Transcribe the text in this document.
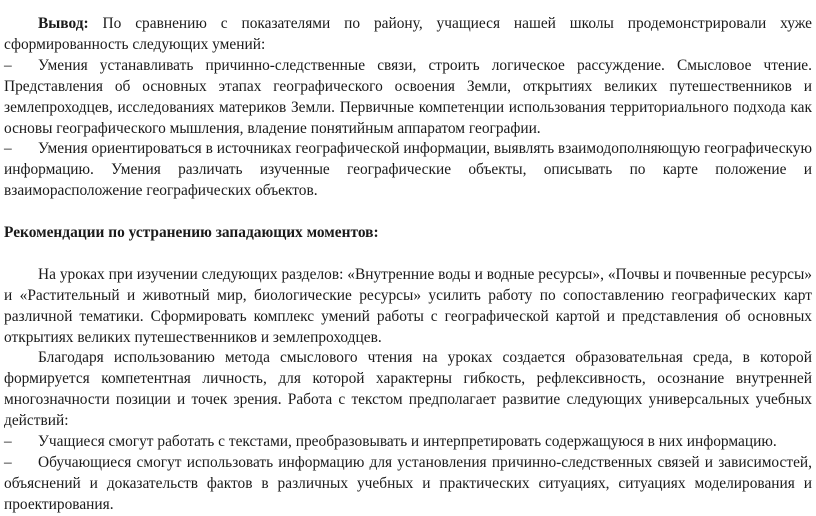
Вывод: По сравнению с показателями по району, учащиеся нашей школы продемонстрировали хуже сформированность следующих умений:

– Умения устанавливать причинно-следственные связи, строить логическое рассуждение. Смысловое чтение. Представления об основных этапах географического освоения Земли, открытиях великих путешественников и землепроходцев, исследованиях материков Земли. Первичные компетенции использования территориального подхода как основы географического мышления, владение понятийным аппаратом географии.

– Умения ориентироваться в источниках географической информации, выявлять взаимодополняющую географическую информацию. Умения различать изученные географические объекты, описывать по карте положение и взаиморасположение географических объектов.

Рекомендации по устранению западающих моментов:

На уроках при изучении следующих разделов: «Внутренние воды и водные ресурсы», «Почвы и почвенные ресурсы» и «Растительный и животный мир, биологические ресурсы» усилить работу по сопоставлению географических карт различной тематики. Сформировать комплекс умений работы с географической картой и представления об основных открытиях великих путешественников и землепроходцев.

Благодаря использованию метода смыслового чтения на уроках создается образовательная среда, в которой формируется компетентная личность, для которой характерны гибкость, рефлексивность, осознание внутренней многозначности позиции и точек зрения. Работа с текстом предполагает развитие следующих универсальных учебных действий:

– Учащиеся смогут работать с текстами, преобразовывать и интерпретировать содержащуюся в них информацию.

– Обучающиеся смогут использовать информацию для установления причинно-следственных связей и зависимостей, объяснений и доказательств фактов в различных учебных и практических ситуациях, ситуациях моделирования и проектирования.
